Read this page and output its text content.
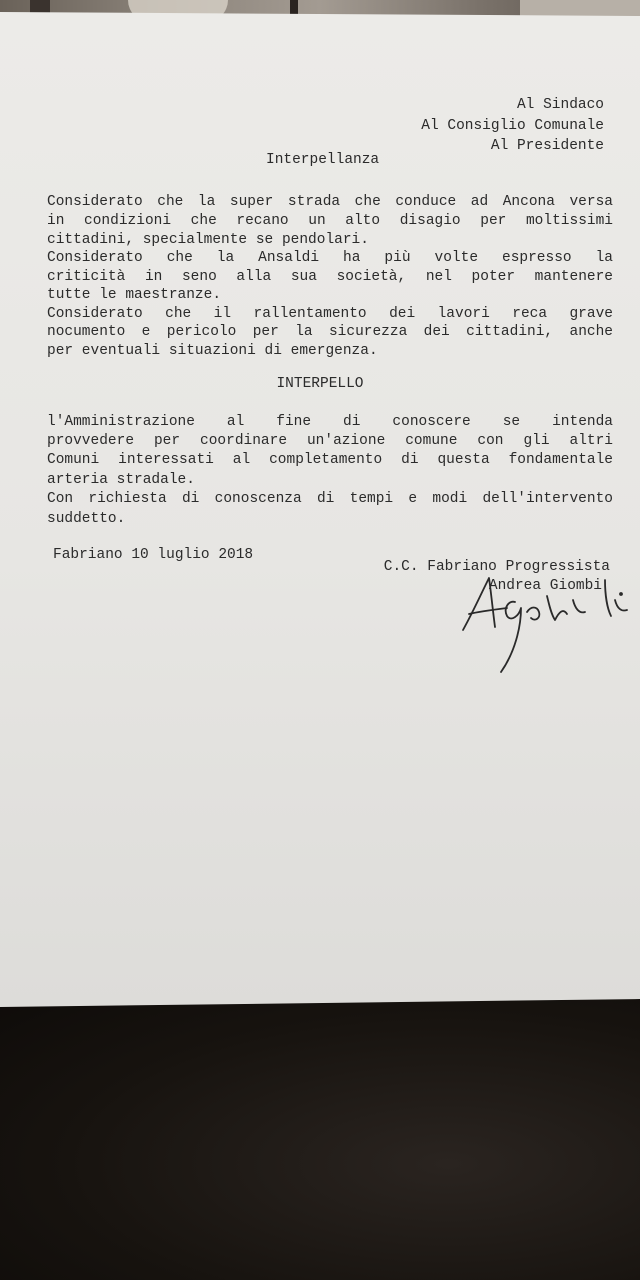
Al Sindaco
Al Consiglio Comunale
Al Presidente
Interpellanza
Considerato che la super strada che conduce ad Ancona versa
in condizioni che recano un alto disagio per moltissimi
cittadini, specialmente se pendolari.
Considerato che la Ansaldi ha più volte espresso la
criticità in seno alla sua società, nel poter mantenere
tutte le maestranze.
Considerato che il rallentamento dei lavori reca grave
nocumento e pericolo per la sicurezza dei cittadini, anche
per eventuali situazioni di emergenza.
INTERPELLO
l'Amministrazione al fine di conoscere se intenda
provvedere per coordinare un'azione comune con gli altri
Comuni interessati al completamento di questa fondamentale
arteria stradale.
Con richiesta di conoscenza di tempi e modi dell'intervento
suddetto.
Fabriano 10 luglio 2018
C.C. Fabriano Progressista
Andrea Giombi
